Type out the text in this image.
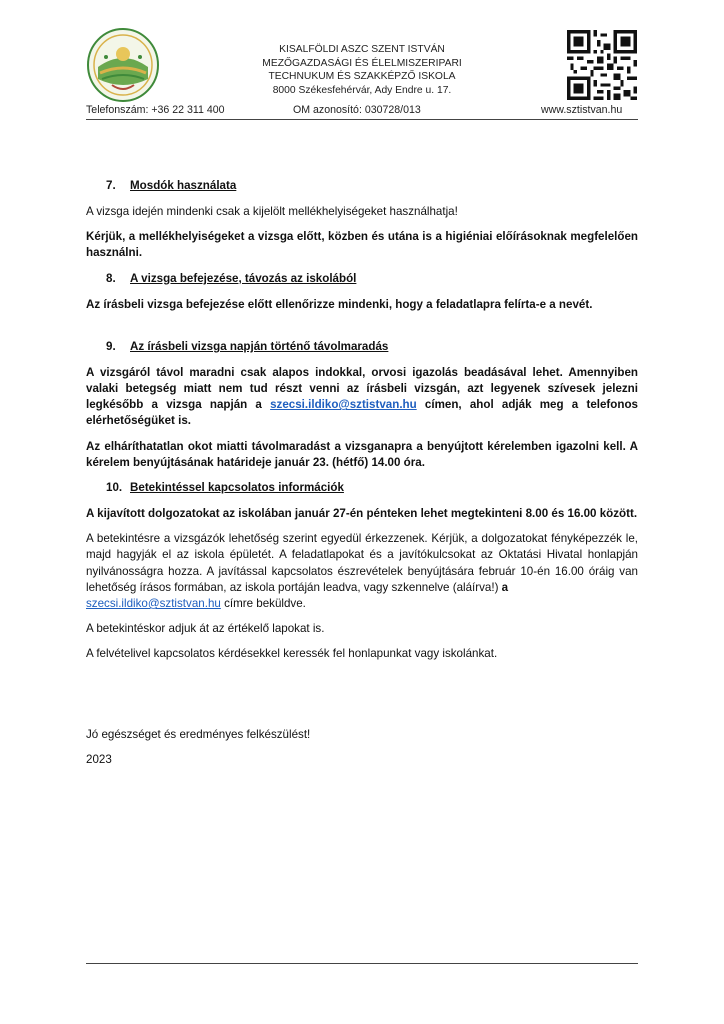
KISALFÖLDI ASZC SZENT ISTVÁN
MEZŐGAZDASÁGI ÉS ÉLELMISZERIPARI
TECHNUKUM ÉS SZAKKÉPZŐ ISKOLA
8000 Székesfehérvár, Ady Endre u. 17.
Telefonszám: +36 22 311 400	OM azonosító: 030728/013	www.sztistvan.hu
7. Mosdók használata

A vizsga idején mindenki csak a kijelölt mellékhelyiségeket használhatja!

Kérjük, a mellékhelyiségeket a vizsga előtt, közben és utána is a higiéniai előírásoknak megfelelően használni.

8. A vizsga befejezése, távozás az iskolából

Az írásbeli vizsga befejezése előtt ellenőrizze mindenki, hogy a feladatlapra felírta-e a nevét.

9. Az írásbeli vizsga napján történő távolmaradás

A vizsgáról távol maradni csak alapos indokkal, orvosi igazolás beadásával lehet. Amennyiben valaki betegség miatt nem tud részt venni az írásbeli vizsgán, azt legyenek szívesek jelezni legkésőbb a vizsga napján a szecsi.ildiko@sztistvan.hu címen, ahol adják meg a telefonos elérhetőségüket is.

Az elháríthatatlan okot miatti távolmaradást a vizsganapra a benyújtott kérelemben igazolni kell. A kérelem benyújtásának határideje január 23. (hétfő) 14.00 óra.

10. Betekintéssel kapcsolatos információk

A kijavított dolgozatokat az iskolában január 27-én pénteken lehet megtekinteni 8.00 és 16.00 között.

A betekintésre a vizsgázók lehetőség szerint egyedül érkezzenek. Kérjük, a dolgozatokat fényképezzék le, majd hagyják el az iskola épületét. A feladatlapokat és a javítókulcsokat az Oktatási Hivatal honlapján nyilvánosságra hozza. A javítással kapcsolatos észrevételek benyújtására február 10-én 16.00 óráig van lehetőség írásos formában, az iskola portáján leadva, vagy szkennelve (aláírva!) a
szecsi.ildiko@sztistvan.hu címre beküldve.

A betekintéskor adjuk át az értékelő lapokat is.

A felvételivel kapcsolatos kérdésekkel keressék fel honlapunkat vagy iskolánkat.

Jó egészséget és eredményes felkészülést!

2023
